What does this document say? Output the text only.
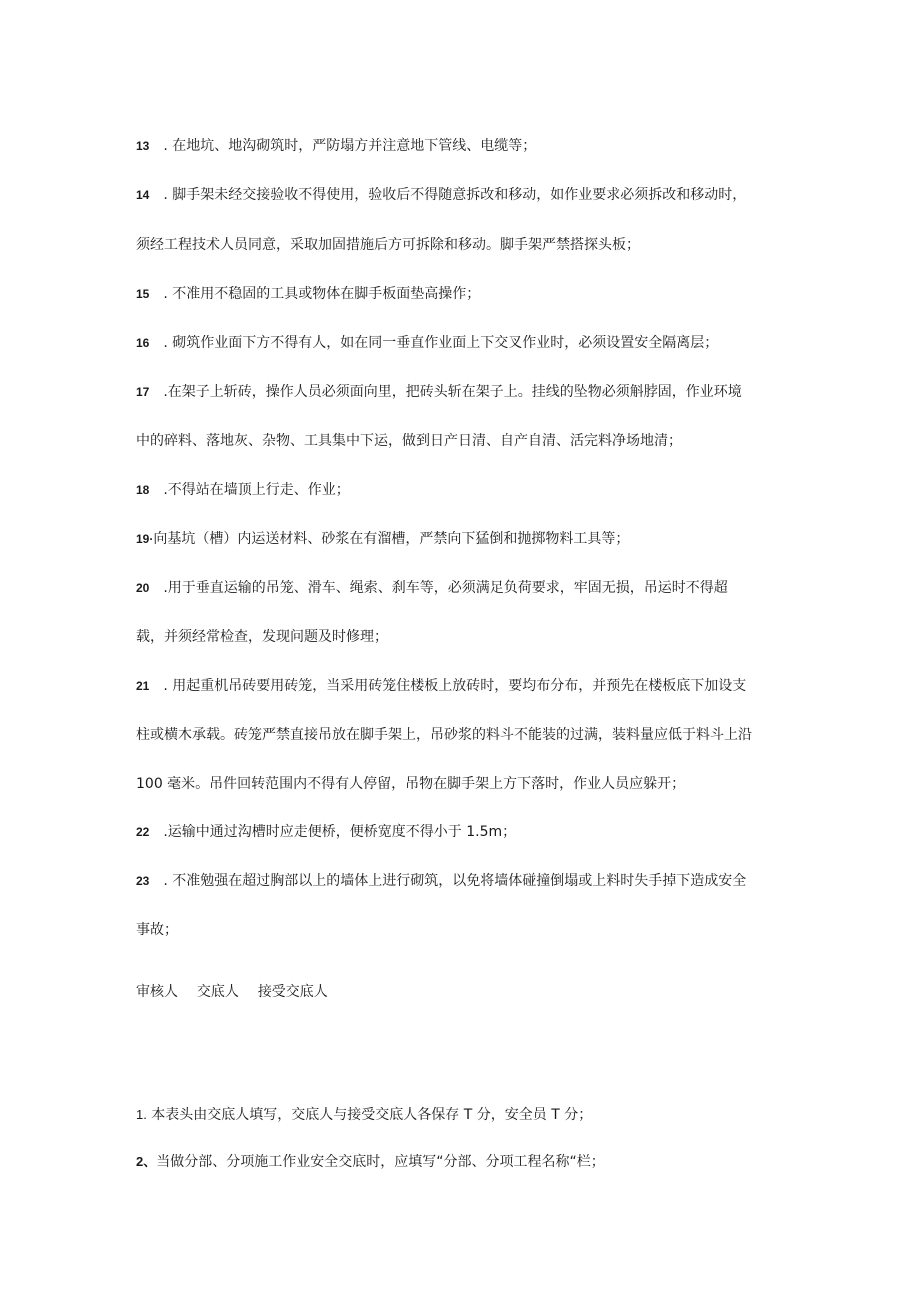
13 . 在地坑、地沟砌筑时，严防塌方并注意地下管线、电缆等；
14 . 脚手架未经交接验收不得使用，验收后不得随意拆改和移动，如作业要求必须拆改和移动时，
须经工程技术人员同意，采取加固措施后方可拆除和移动。脚手架严禁搭探头板；
15 . 不准用不稳固的工具或物体在脚手板面垫高操作；
16 . 砌筑作业面下方不得有人，如在同一垂直作业面上下交叉作业时，必须设置安全隔离层；
17 .在架子上斩砖，操作人员必须面向里，把砖头斩在架子上。挂线的坠物必须斛脖固，作业环境
中的碎料、落地灰、杂物、工具集中下运，做到日产日清、自产自清、活完料净场地清；
18 .不得站在墙顶上行走、作业；
19·向基坑（槽）内运送材料、砂浆在有溜槽，严禁向下猛倒和抛掷物料工具等；
20 .用于垂直运输的吊笼、滑车、绳索、刹车等，必须满足负荷要求，牢固无损，吊运时不得超
载，并须经常检查，发现问题及时修理；
21 . 用起重机吊砖要用砖笼，当采用砖笼住楼板上放砖时，要均布分布，并预先在楼板底下加设支
柱或横木承载。砖笼严禁直接吊放在脚手架上，吊砂浆的料斗不能装的过满，装料量应低于料斗上沿
100 毫米。吊件回转范围内不得有人停留，吊物在脚手架上方下落时，作业人员应躲开；
22 .运输中通过沟槽时应走便桥，便桥宽度不得小于 1.5m；
23 . 不准勉强在超过胸部以上的墙体上进行砌筑，以免将墙体碰撞倒塌或上料时失手掉下造成安全
事故；
审核人 交底人 接受交底人
1. 本表头由交底人填写，交底人与接受交底人各保存 T 分，安全员 T 分；
2、当做分部、分项施工作业安全交底时，应填写“分部、分项工程名称“栏；
